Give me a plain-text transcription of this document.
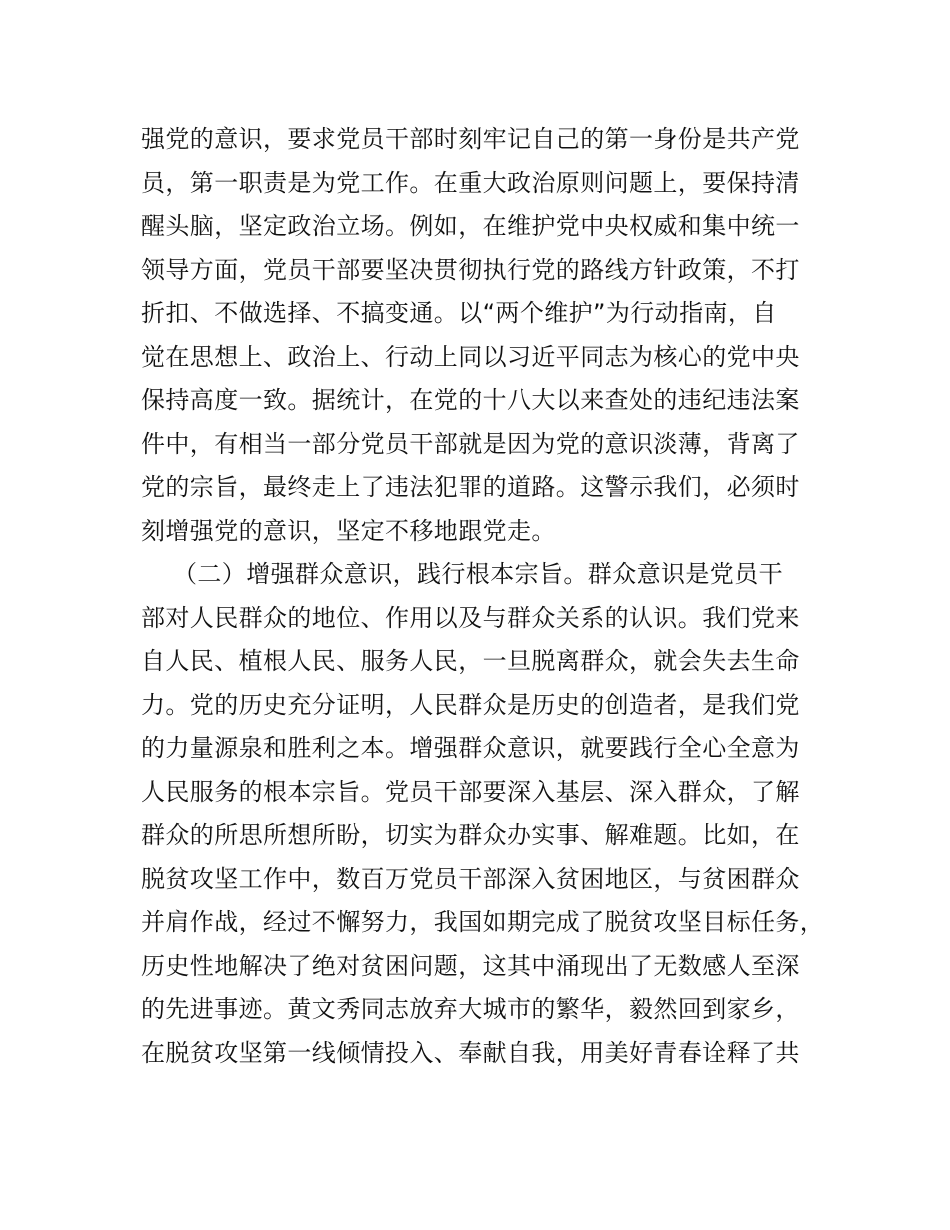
强党的意识，要求党员干部时刻牢记自己的第一身份是共产党
员，第一职责是为党工作。在重大政治原则问题上，要保持清
醒头脑，坚定政治立场。例如，在维护党中央权威和集中统一
领导方面，党员干部要坚决贯彻执行党的路线方针政策，不打
折扣、不做选择、不搞变通。以“两个维护”为行动指南，自
觉在思想上、政治上、行动上同以习近平同志为核心的党中央
保持高度一致。据统计，在党的十八大以来查处的违纪违法案
件中，有相当一部分党员干部就是因为党的意识淡薄，背离了
党的宗旨，最终走上了违法犯罪的道路。这警示我们，必须时
刻增强党的意识，坚定不移地跟党走。
（二）增强群众意识，践行根本宗旨。群众意识是党员干
部对人民群众的地位、作用以及与群众关系的认识。我们党来
自人民、植根人民、服务人民，一旦脱离群众，就会失去生命
力。党的历史充分证明，人民群众是历史的创造者，是我们党
的力量源泉和胜利之本。增强群众意识，就要践行全心全意为
人民服务的根本宗旨。党员干部要深入基层、深入群众，了解
群众的所思所想所盼，切实为群众办实事、解难题。比如，在
脱贫攻坚工作中，数百万党员干部深入贫困地区，与贫困群众
并肩作战，经过不懈努力，我国如期完成了脱贫攻坚目标任务，
历史性地解决了绝对贫困问题，这其中涌现出了无数感人至深
的先进事迹。黄文秀同志放弃大城市的繁华，毅然回到家乡，
在脱贫攻坚第一线倾情投入、奉献自我，用美好青春诠释了共
